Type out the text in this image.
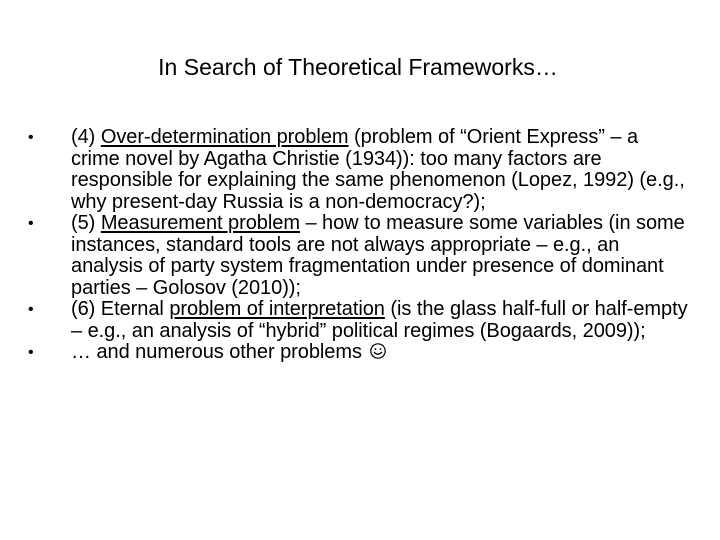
In Search of Theoretical Frameworks…
•	(4) Over-determination problem (problem of “Orient Express” – a crime novel by Agatha Christie (1934)): too many factors are responsible for explaining the same phenomenon (Lopez, 1992) (e.g., why present-day Russia is a non-democracy?);
•	(5) Measurement problem – how to measure some variables (in some instances, standard tools are not always appropriate – e.g., an analysis of party system fragmentation under presence of dominant parties – Golosov (2010));
•	(6) Eternal problem of interpretation (is the glass half-full or half-empty – e.g., an analysis of “hybrid” political regimes (Bogaards, 2009));
•	… and numerous other problems
